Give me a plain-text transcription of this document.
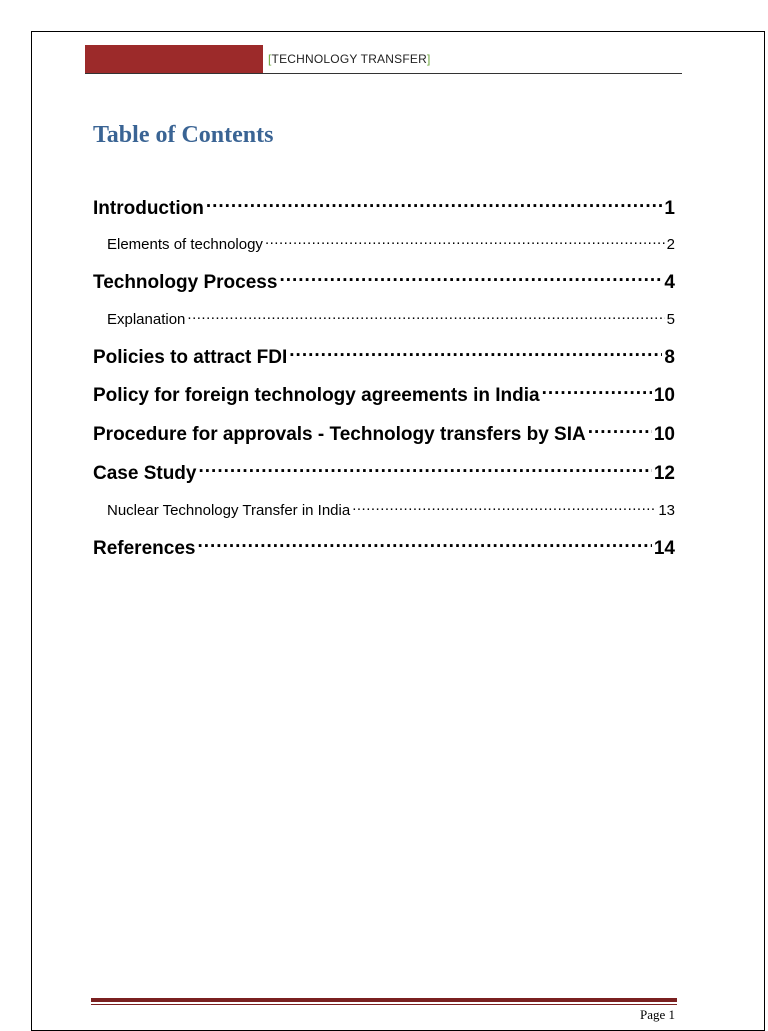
[TECHNOLOGY TRANSFER]
Table of Contents
Introduction .....	1
Elements of technology .....	2
Technology Process .....	4
Explanation .....	5
Policies to attract FDI .....	8
Policy for foreign technology agreements in India .....	10
Procedure for approvals - Technology transfers by SIA .....	10
Case Study .....	12
Nuclear Technology Transfer in India .....	13
References .....	14
Page 1
